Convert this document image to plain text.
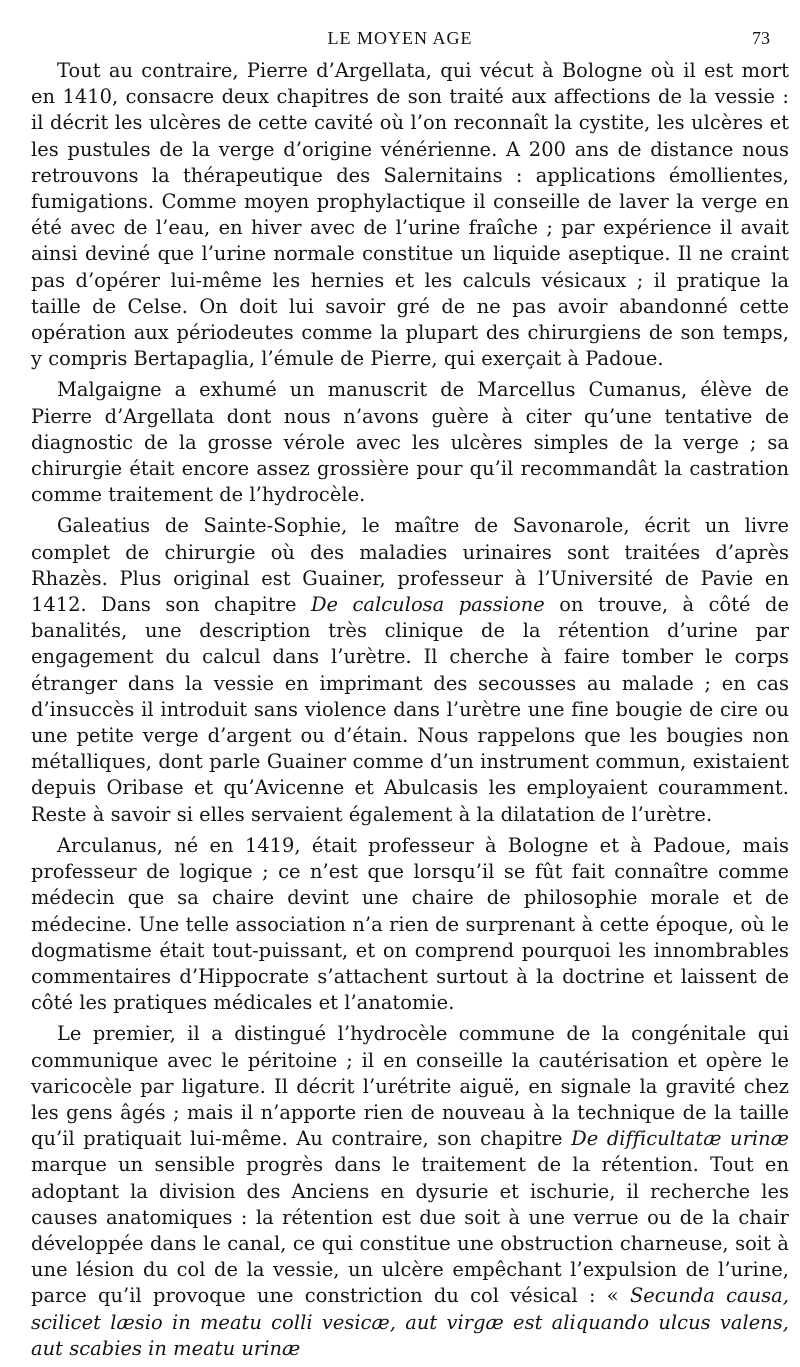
LE MOYEN AGE	73

Tout au contraire, Pierre d’Argellata, qui vécut à Bologne où il est mort en 1410, consacre deux chapitres de son traité aux affections de la vessie : il décrit les ulcères de cette cavité où l’on reconnaît la cystite, les ulcères et les pustules de la verge d’origine vénérienne. A 200 ans de distance nous retrouvons la thérapeutique des Salernitains : applications émollientes, fumigations. Comme moyen prophylactique il conseille de laver la verge en été avec de l’eau, en hiver avec de l’urine fraîche ; par expérience il avait ainsi deviné que l’urine normale constitue un liquide aseptique. Il ne craint pas d’opérer lui-même les hernies et les calculs vésicaux ; il pratique la taille de Celse. On doit lui savoir gré de ne pas avoir abandonné cette opération aux périodeutes comme la plupart des chirurgiens de son temps, y compris Bertapaglia, l’émule de Pierre, qui exerçait à Padoue.

Malgaigne a exhumé un manuscrit de Marcellus Cumanus, élève de Pierre d’Argellata dont nous n’avons guère à citer qu’une tentative de diagnostic de la grosse vérole avec les ulcères simples de la verge ; sa chirurgie était encore assez grossière pour qu’il recommandât la castration comme traitement de l’hydrocèle.

Galeatius de Sainte-Sophie, le maître de Savonarole, écrit un livre complet de chirurgie où des maladies urinaires sont traitées d’après Rhazès. Plus original est Guainer, professeur à l’Université de Pavie en 1412. Dans son chapitre De calculosa passione on trouve, à côté de banalités, une description très clinique de la rétention d’urine par engagement du calcul dans l’urètre. Il cherche à faire tomber le corps étranger dans la vessie en imprimant des secousses au malade ; en cas d’insuccès il introduit sans violence dans l’urètre une fine bougie de cire ou une petite verge d’argent ou d’étain. Nous rappelons que les bougies non métalliques, dont parle Guainer comme d’un instrument commun, existaient depuis Oribase et qu’Avicenne et Abulcasis les employaient couramment. Reste à savoir si elles servaient également à la dilatation de l’urètre.

Arculanus, né en 1419, était professeur à Bologne et à Padoue, mais professeur de logique ; ce n’est que lorsqu’il se fût fait connaître comme médecin que sa chaire devint une chaire de philosophie morale et de médecine. Une telle association n’a rien de surprenant à cette époque, où le dogmatisme était tout-puissant, et on comprend pourquoi les innombrables commentaires d’Hippocrate s’attachent surtout à la doctrine et laissent de côté les pratiques médicales et l’anatomie.

Le premier, il a distingué l’hydrocèle commune de la congénitale qui communique avec le péritoine ; il en conseille la cautérisation et opère le varicocèle par ligature. Il décrit l’urétrite aiguë, en signale la gravité chez les gens âgés ; mais il n’apporte rien de nouveau à la technique de la taille qu’il pratiquait lui-même. Au contraire, son chapitre De difficultatæ urinæ marque un sensible progrès dans le traitement de la rétention. Tout en adoptant la division des Anciens en dysurie et ischurie, il recherche les causes anatomiques : la rétention est due soit à une verrue ou de la chair développée dans le canal, ce qui constitue une obstruction charneuse, soit à une lésion du col de la vessie, un ulcère empêchant l’expulsion de l’urine, parce qu’il provoque une constriction du col vésical : « Secunda causa, scilicet læsio in meatu colli vesicæ, aut virgæ est aliquando ulcus valens, aut scabies in meatu urinæ
